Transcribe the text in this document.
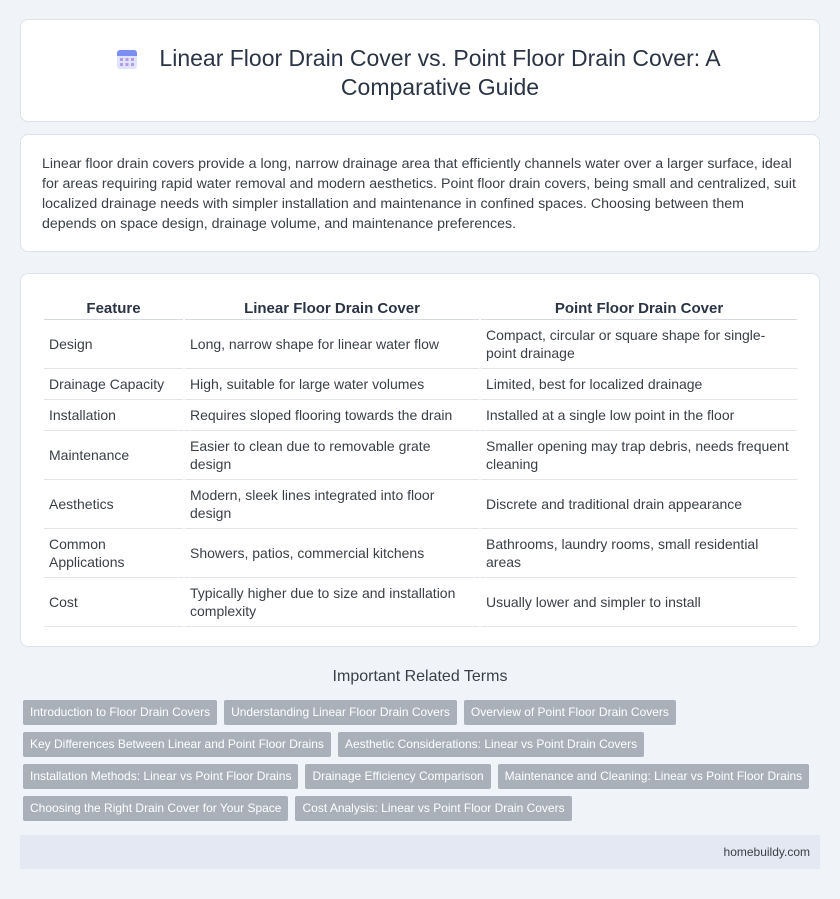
Linear Floor Drain Cover vs. Point Floor Drain Cover: A Comparative Guide

Linear floor drain covers provide a long, narrow drainage area that efficiently channels water over a larger surface, ideal for areas requiring rapid water removal and modern aesthetics. Point floor drain covers, being small and centralized, suit localized drainage needs with simpler installation and maintenance in confined spaces. Choosing between them depends on space design, drainage volume, and maintenance preferences.

Feature	Linear Floor Drain Cover	Point Floor Drain Cover
Design	Long, narrow shape for linear water flow	Compact, circular or square shape for single-point drainage
Drainage Capacity	High, suitable for large water volumes	Limited, best for localized drainage
Installation	Requires sloped flooring towards the drain	Installed at a single low point in the floor
Maintenance	Easier to clean due to removable grate design	Smaller opening may trap debris, needs frequent cleaning
Aesthetics	Modern, sleek lines integrated into floor design	Discrete and traditional drain appearance
Common Applications	Showers, patios, commercial kitchens	Bathrooms, laundry rooms, small residential areas
Cost	Typically higher due to size and installation complexity	Usually lower and simpler to install
Important Related Terms
Introduction to Floor Drain Covers	Understanding Linear Floor Drain Covers	Overview of Point Floor Drain Covers
Key Differences Between Linear and Point Floor Drains	Aesthetic Considerations: Linear vs Point Drain Covers
Installation Methods: Linear vs Point Floor Drains	Drainage Efficiency Comparison	Maintenance and Cleaning: Linear vs Point Floor Drains
Choosing the Right Drain Cover for Your Space	Cost Analysis: Linear vs Point Floor Drain Covers
homebuildy.com
